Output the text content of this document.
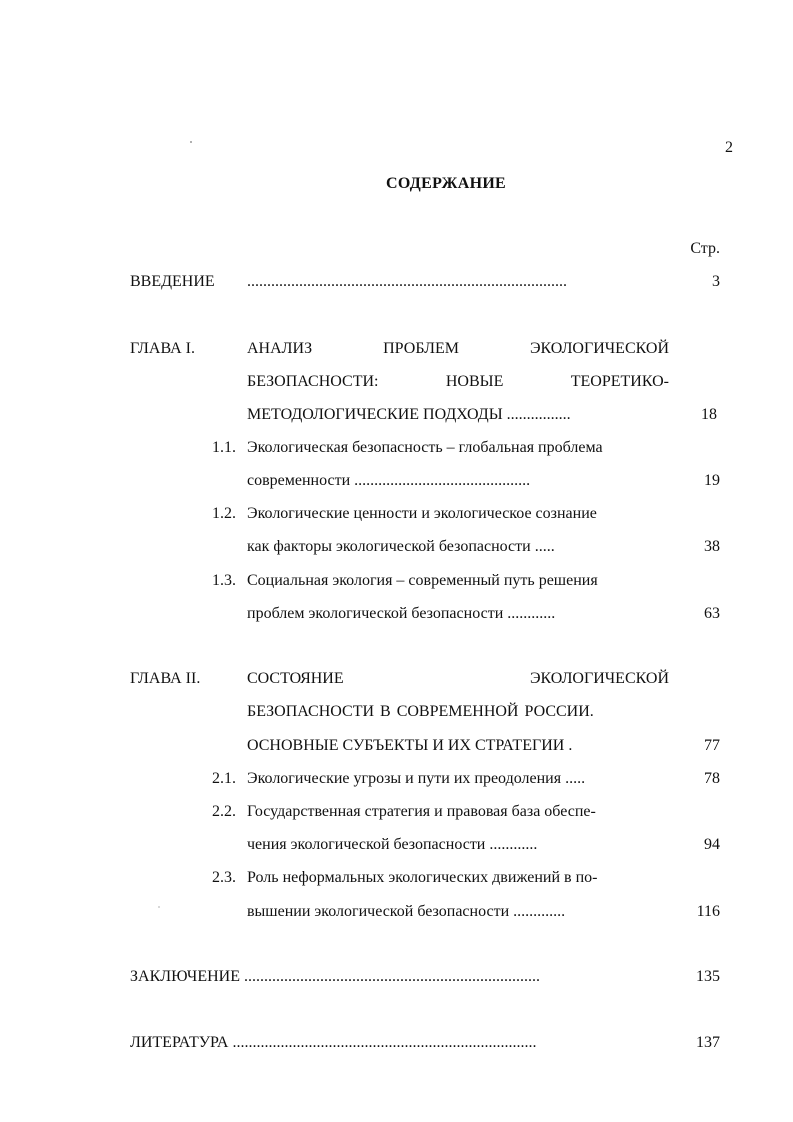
2
СОДЕРЖАНИЕ
Стр.
ВВЕДЕНИЕ ................................................................................	3
ГЛАВА I.	АНАЛИЗ	ПРОБЛЕМ	ЭКОЛОГИЧЕСКОЙ
БЕЗОПАСНОСТИ:	НОВЫЕ	ТЕОРЕТИКО-
МЕТОДОЛОГИЧЕСКИЕ ПОДХОДЫ ................	18
1.1. Экологическая безопасность – глобальная проблема
современности ............................................	19
1.2. Экологические ценности и экологическое сознание
как факторы экологической безопасности .....	38
1.3. Социальная экология – современный путь решения
проблем экологической безопасности ............	63
ГЛАВА II.	СОСТОЯНИЕ	ЭКОЛОГИЧЕСКОЙ
БЕЗОПАСНОСТИ В СОВРЕМЕННОЙ РОССИИ.
ОСНОВНЫЕ СУБЪЕКТЫ И ИХ СТРАТЕГИИ .	77
2.1. Экологические угрозы и пути их преодоления .....	78
2.2. Государственная стратегия и правовая база обеспе-
чения экологической безопасности ............	94
2.3. Роль неформальных экологических движений в по-
вышении экологической безопасности .............	116
ЗАКЛЮЧЕНИЕ ..........................................................................	135
ЛИТЕРАТУРА ............................................................................	137
